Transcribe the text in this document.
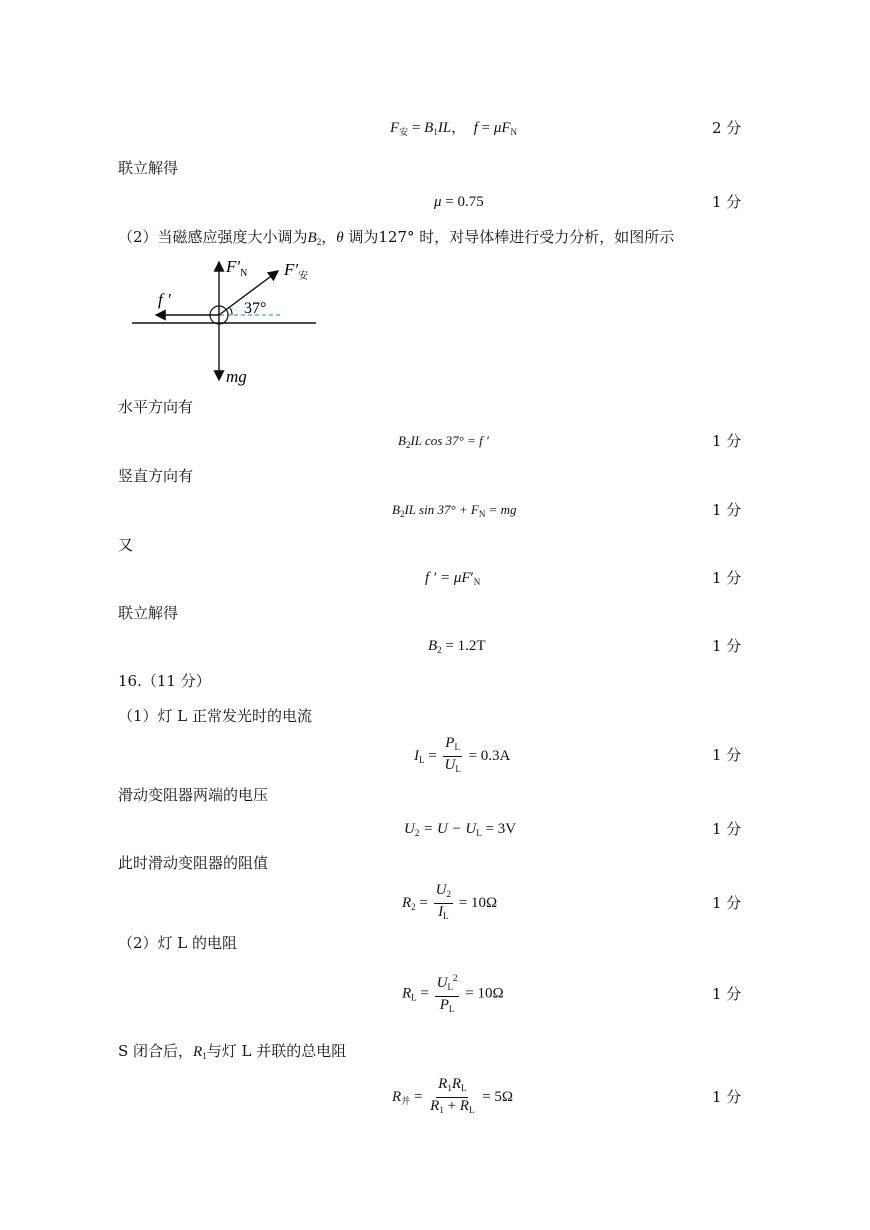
$F_安 = B_1IL$，  $f = \mu F_N$	2 分
联立解得
μ = 0.75	1 分
（2）当磁感应强度大小调为$B_2$，θ 调为127° 时，对导体棒进行受力分析，如图所示
$F'_N$ $F'_安$
f ′	37°
mg
水平方向有
$B_2IL$ cos 37° = f ′	1 分
竖直方向有
$B_2IL$ $\sin 37^\circ + F_N$ = mg	1 分
又
f ′ = $\mu F'_N$	1 分
联立解得
$B_2 = 1.2T$	1 分
16.（11 分）
（1）灯 L 正常发光时的电流
$I_L = \frac{P_L}{U_L} = 0.3A$	1 分
滑动变阻器两端的电压
$U_2 = U - U_L = 3V$	1 分
此时滑动变阻器的阻值
$R_2 = \frac{U_2}{I_L} = 10\Omega$	1 分
（2）灯 L 的电阻
$R_L = \frac{U_L^2}{P_L} = 10\Omega$	1 分
S 闭合后，$R_1$与灯 L 并联的总电阻
$R_并 = \frac{R_1R_L}{R_1 + R_L} = 5\Omega$	1 分
